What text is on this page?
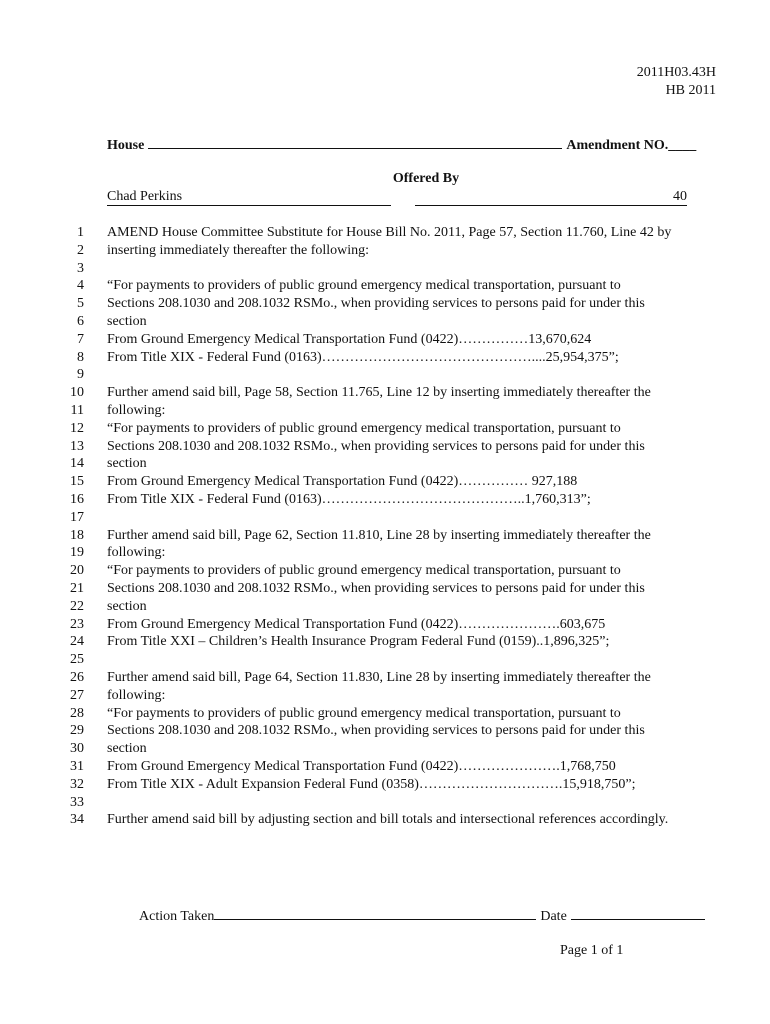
2011H03.43H
HB 2011
House	Amendment NO.____
Offered By
Chad Perkins	40
1 AMEND House Committee Substitute for House Bill No. 2011, Page 57, Section 11.760, Line 42 by
2 inserting immediately thereafter the following:
3
4 “For payments to providers of public ground emergency medical transportation, pursuant to
5 Sections 208.1030 and 208.1032 RSMo., when providing services to persons paid for under this
6 section
7 From Ground Emergency Medical Transportation Fund (0422)……………13,670,624
8 From Title XIX - Federal Fund (0163)………………………………………....25,954,375”;
9
10 Further amend said bill, Page 58, Section 11.765, Line 12 by inserting immediately thereafter the
11 following:
12 “For payments to providers of public ground emergency medical transportation, pursuant to
13 Sections 208.1030 and 208.1032 RSMo., when providing services to persons paid for under this
14 section
15 From Ground Emergency Medical Transportation Fund (0422)…………… 927,188
16 From Title XIX - Federal Fund (0163)……………………………………..1,760,313”;
17
18 Further amend said bill, Page 62, Section 11.810, Line 28 by inserting immediately thereafter the
19 following:
20 “For payments to providers of public ground emergency medical transportation, pursuant to
21 Sections 208.1030 and 208.1032 RSMo., when providing services to persons paid for under this
22 section
23 From Ground Emergency Medical Transportation Fund (0422)………………….603,675
24 From Title XXI – Children’s Health Insurance Program Federal Fund (0159)..1,896,325”;
25
26 Further amend said bill, Page 64, Section 11.830, Line 28 by inserting immediately thereafter the
27 following:
28 “For payments to providers of public ground emergency medical transportation, pursuant to
29 Sections 208.1030 and 208.1032 RSMo., when providing services to persons paid for under this
30 section
31 From Ground Emergency Medical Transportation Fund (0422)………………….1,768,750
32 From Title XIX - Adult Expansion Federal Fund (0358)………………………….15,918,750”;
33
34 Further amend said bill by adjusting section and bill totals and intersectional references accordingly.
Action Taken	Date
Page 1 of 1
